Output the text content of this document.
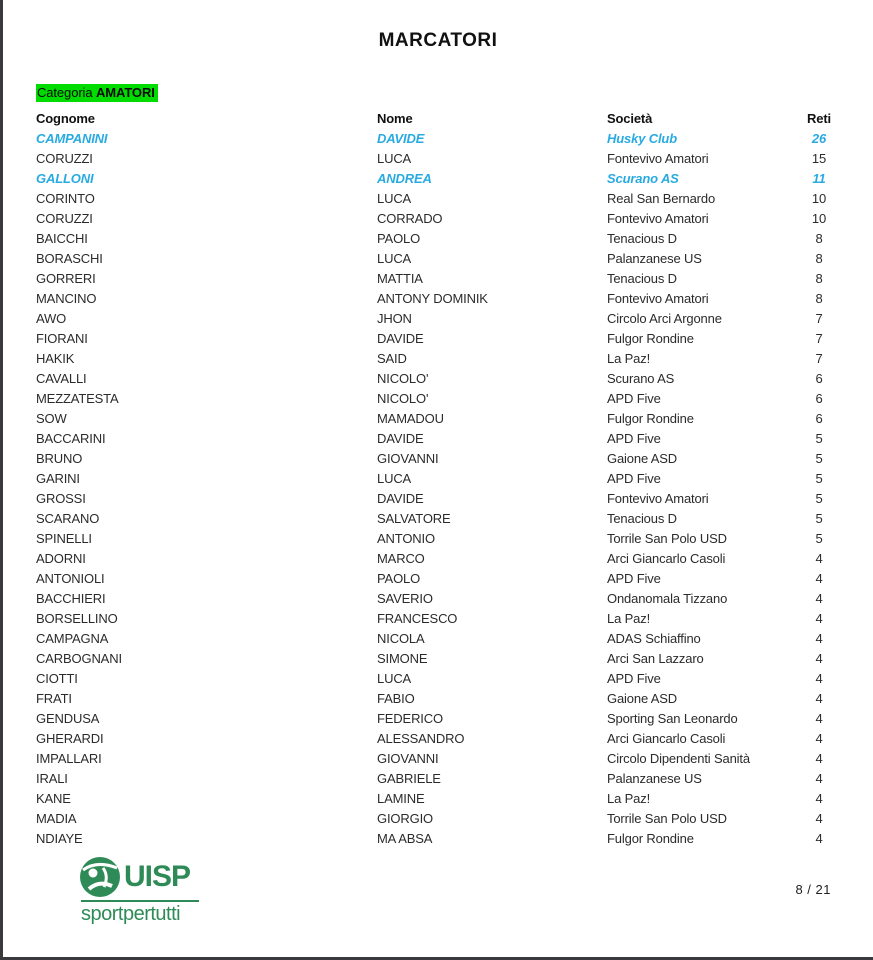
MARCATORI
Categoria AMATORI
Cognome	Nome	Società	Reti
CAMPANINI	DAVIDE	Husky Club	26
CORUZZI	LUCA	Fontevivo Amatori	15
GALLONI	ANDREA	Scurano AS	11
CORINTO	LUCA	Real San Bernardo	10
CORUZZI	CORRADO	Fontevivo Amatori	10
BAICCHI	PAOLO	Tenacious D	8
BORASCHI	LUCA	Palanzanese US	8
GORRERI	MATTIA	Tenacious D	8
MANCINO	ANTONY DOMINIK	Fontevivo Amatori	8
AWO	JHON	Circolo Arci Argonne	7
FIORANI	DAVIDE	Fulgor Rondine	7
HAKIK	SAID	La Paz!	7
CAVALLI	NICOLO'	Scurano AS	6
MEZZATESTA	NICOLO'	APD Five	6
SOW	MAMADOU	Fulgor Rondine	6
BACCARINI	DAVIDE	APD Five	5
BRUNO	GIOVANNI	Gaione ASD	5
GARINI	LUCA	APD Five	5
GROSSI	DAVIDE	Fontevivo Amatori	5
SCARANO	SALVATORE	Tenacious D	5
SPINELLI	ANTONIO	Torrile San Polo USD	5
ADORNI	MARCO	Arci Giancarlo Casoli	4
ANTONIOLI	PAOLO	APD Five	4
BACCHIERI	SAVERIO	Ondanomala Tizzano	4
BORSELLINO	FRANCESCO	La Paz!	4
CAMPAGNA	NICOLA	ADAS Schiaffino	4
CARBOGNANI	SIMONE	Arci San Lazzaro	4
CIOTTI	LUCA	APD Five	4
FRATI	FABIO	Gaione ASD	4
GENDUSA	FEDERICO	Sporting San Leonardo	4
GHERARDI	ALESSANDRO	Arci Giancarlo Casoli	4
IMPALLARI	GIOVANNI	Circolo Dipendenti Sanità	4
IRALI	GABRIELE	Palanzanese US	4
KANE	LAMINE	La Paz!	4
MADIA	GIORGIO	Torrile San Polo USD	4
NDIAYE	MA ABSA	Fulgor Rondine	4
UISP
sportpertutti
8 / 21
